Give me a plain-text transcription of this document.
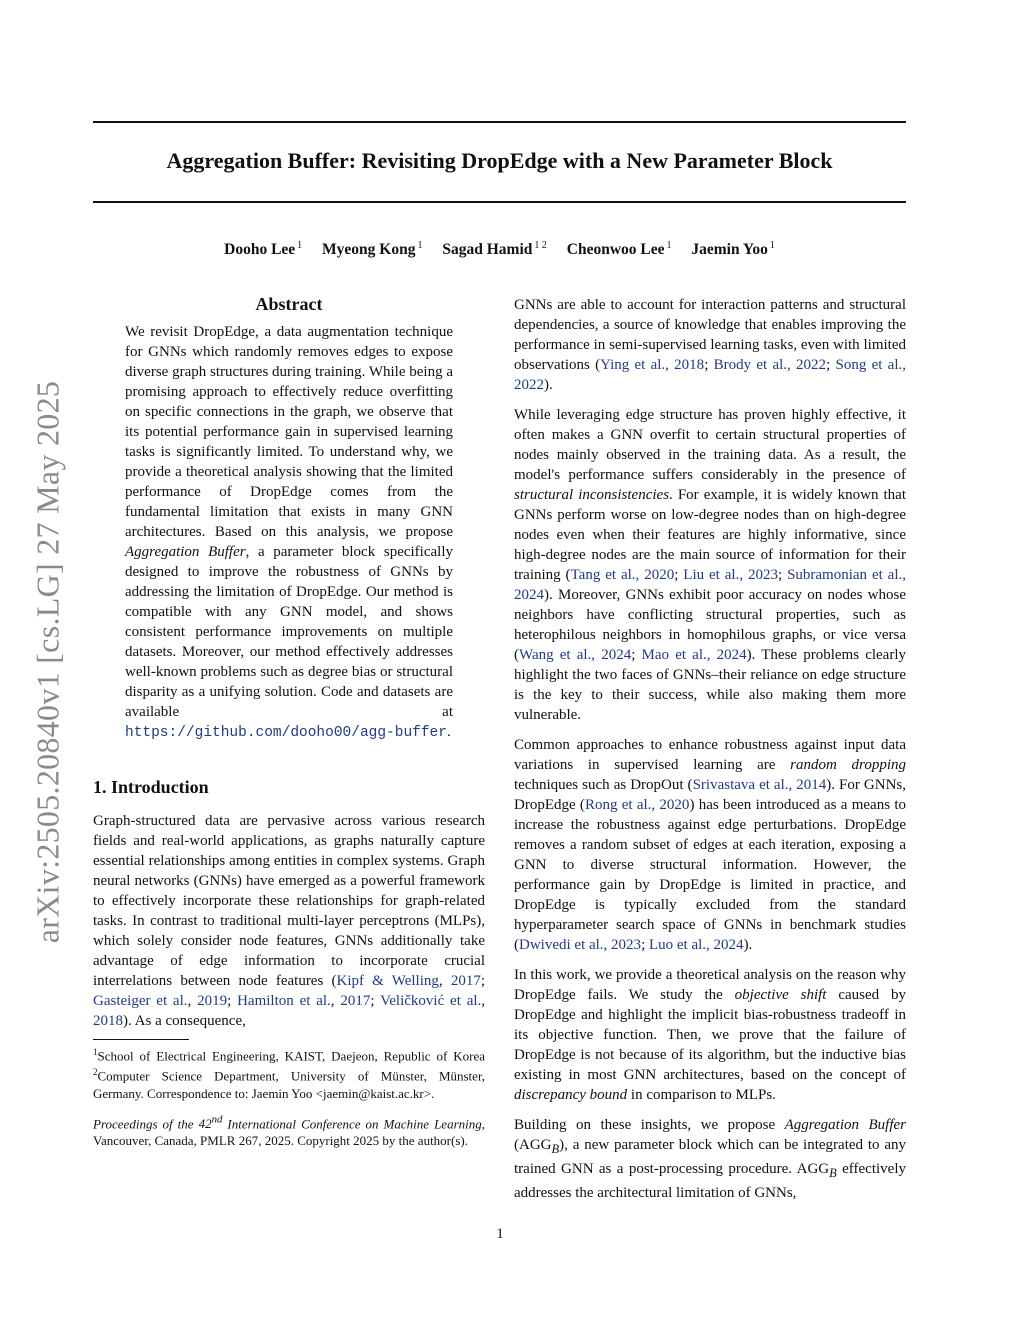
Aggregation Buffer: Revisiting DropEdge with a New Parameter Block
Dooho Lee $^1$ Myeong Kong $^1$ Sagad Hamid $^{1 2}$ Cheonwoo Lee $^1$ Jaemin Yoo $^1$
arXiv:2505.20840v1 [cs.LG] 27 May 2025
Abstract

We revisit DropEdge, a data augmentation technique for GNNs which randomly removes edges to expose diverse graph structures during training. While being a promising approach to effectively reduce overfitting on specific connections in the graph, we observe that its potential performance gain in supervised learning tasks is significantly limited. To understand why, we provide a theoretical analysis showing that the limited performance of DropEdge comes from the fundamental limitation that exists in many GNN architectures. Based on this analysis, we propose Aggregation Buffer, a parameter block specifically designed to improve the robustness of GNNs by addressing the limitation of DropEdge. Our method is compatible with any GNN model, and shows consistent performance improvements on multiple datasets. Moreover, our method effectively addresses well-known problems such as degree bias or structural disparity as a unifying solution. Code and datasets are available at https://github.com/dooho00/agg-buffer.

1. Introduction

Graph-structured data are pervasive across various research fields and real-world applications, as graphs naturally capture essential relationships among entities in complex systems. Graph neural networks (GNNs) have emerged as a powerful framework to effectively incorporate these relationships for graph-related tasks. In contrast to traditional multi-layer perceptrons (MLPs), which solely consider node features, GNNs additionally take advantage of edge information to incorporate crucial interrelations between node features (Kipf & Welling, 2017; Gasteiger et al., 2019; Hamilton et al., 2017; Veličković et al., 2018). As a consequence,

$^1$School of Electrical Engineering, KAIST, Daejeon, Republic of Korea $^2$Computer Science Department, University of Münster, Münster, Germany. Correspondence to: Jaemin Yoo <jaemin@kaist.ac.kr>.

Proceedings of the 42nd International Conference on Machine Learning, Vancouver, Canada, PMLR 267, 2025. Copyright 2025 by the author(s).

GNNs are able to account for interaction patterns and structural dependencies, a source of knowledge that enables improving the performance in semi-supervised learning tasks, even with limited observations (Ying et al., 2018; Brody et al., 2022; Song et al., 2022).

While leveraging edge structure has proven highly effective, it often makes a GNN overfit to certain structural properties of nodes mainly observed in the training data. As a result, the model's performance suffers considerably in the presence of structural inconsistencies. For example, it is widely known that GNNs perform worse on low-degree nodes than on high-degree nodes even when their features are highly informative, since high-degree nodes are the main source of information for their training (Tang et al., 2020; Liu et al., 2023; Subramonian et al., 2024). Moreover, GNNs exhibit poor accuracy on nodes whose neighbors have conflicting structural properties, such as heterophilous neighbors in homophilous graphs, or vice versa (Wang et al., 2024; Mao et al., 2024). These problems clearly highlight the two faces of GNNs–their reliance on edge structure is the key to their success, while also making them more vulnerable.

Common approaches to enhance robustness against input data variations in supervised learning are random dropping techniques such as DropOut (Srivastava et al., 2014). For GNNs, DropEdge (Rong et al., 2020) has been introduced as a means to increase the robustness against edge perturbations. DropEdge removes a random subset of edges at each iteration, exposing a GNN to diverse structural information. However, the performance gain by DropEdge is limited in practice, and DropEdge is typically excluded from the standard hyperparameter search space of GNNs in benchmark studies (Dwivedi et al., 2023; Luo et al., 2024).

In this work, we provide a theoretical analysis on the reason why DropEdge fails. We study the objective shift caused by DropEdge and highlight the implicit bias-robustness tradeoff in its objective function. Then, we prove that the failure of DropEdge is not because of its algorithm, but the inductive bias existing in most GNN architectures, based on the concept of discrepancy bound in comparison to MLPs.

Building on these insights, we propose Aggregation Buffer $(AGG_B)$, a new parameter block which can be integrated to any trained GNN as a post-processing procedure. $AGG_B$ effectively addresses the architectural limitation of GNNs,

1
